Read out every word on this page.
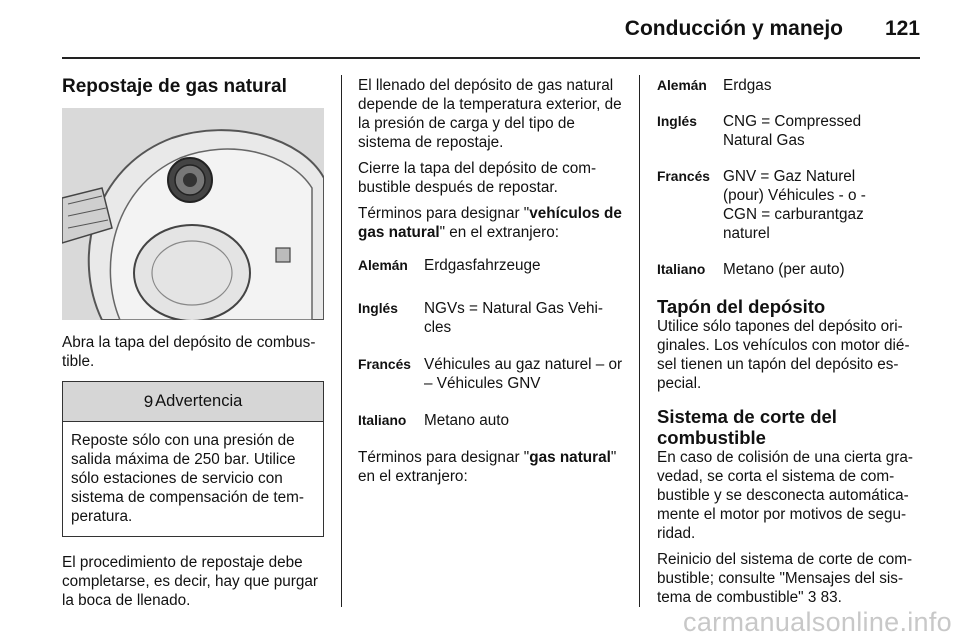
Conducción y manejo 121
Repostaje de gas natural

Abra la tapa del depósito de combus-tible.

9 Advertencia
Reposte sólo con una presión de salida máxima de 250 bar. Utilice sólo estaciones de servicio con sistema de compensación de tem-peratura.

El procedimiento de repostaje debe completarse, es decir, hay que purgar la boca de llenado.

El llenado del depósito de gas natural depende de la temperatura exterior, de la presión de carga y del tipo de sistema de repostaje.

Cierre la tapa del depósito de com-bustible después de repostar.

Términos para designar "vehículos de gas natural" en el extranjero:

Alemán	Erdgasfahrzeuge
Inglés	NGVs = Natural Gas Vehi-cles
Francés Véhicules au gaz naturel – or – Véhicules GNV
Italiano	Metano auto

Términos para designar "gas natural" en el extranjero:

Alemán	Erdgas
Inglés	CNG = Compressed Natural Gas
Francés GNV = Gaz Naturel (pour) Véhicules - o - CGN = carburantgaz naturel
Italiano	Metano (per auto)
Tapón del depósito

Utilice sólo tapones del depósito ori-ginales. Los vehículos con motor dié-sel tienen un tapón del depósito es-pecial.

Sistema de corte del combustible

En caso de colisión de una cierta gra-vedad, se corta el sistema de com-bustible y se desconecta automática-mente el motor por motivos de segu-ridad.

Reinicio del sistema de corte de com-bustible; consulte "Mensajes del sis-tema de combustible" 3 83.

carmanualsonline.info
